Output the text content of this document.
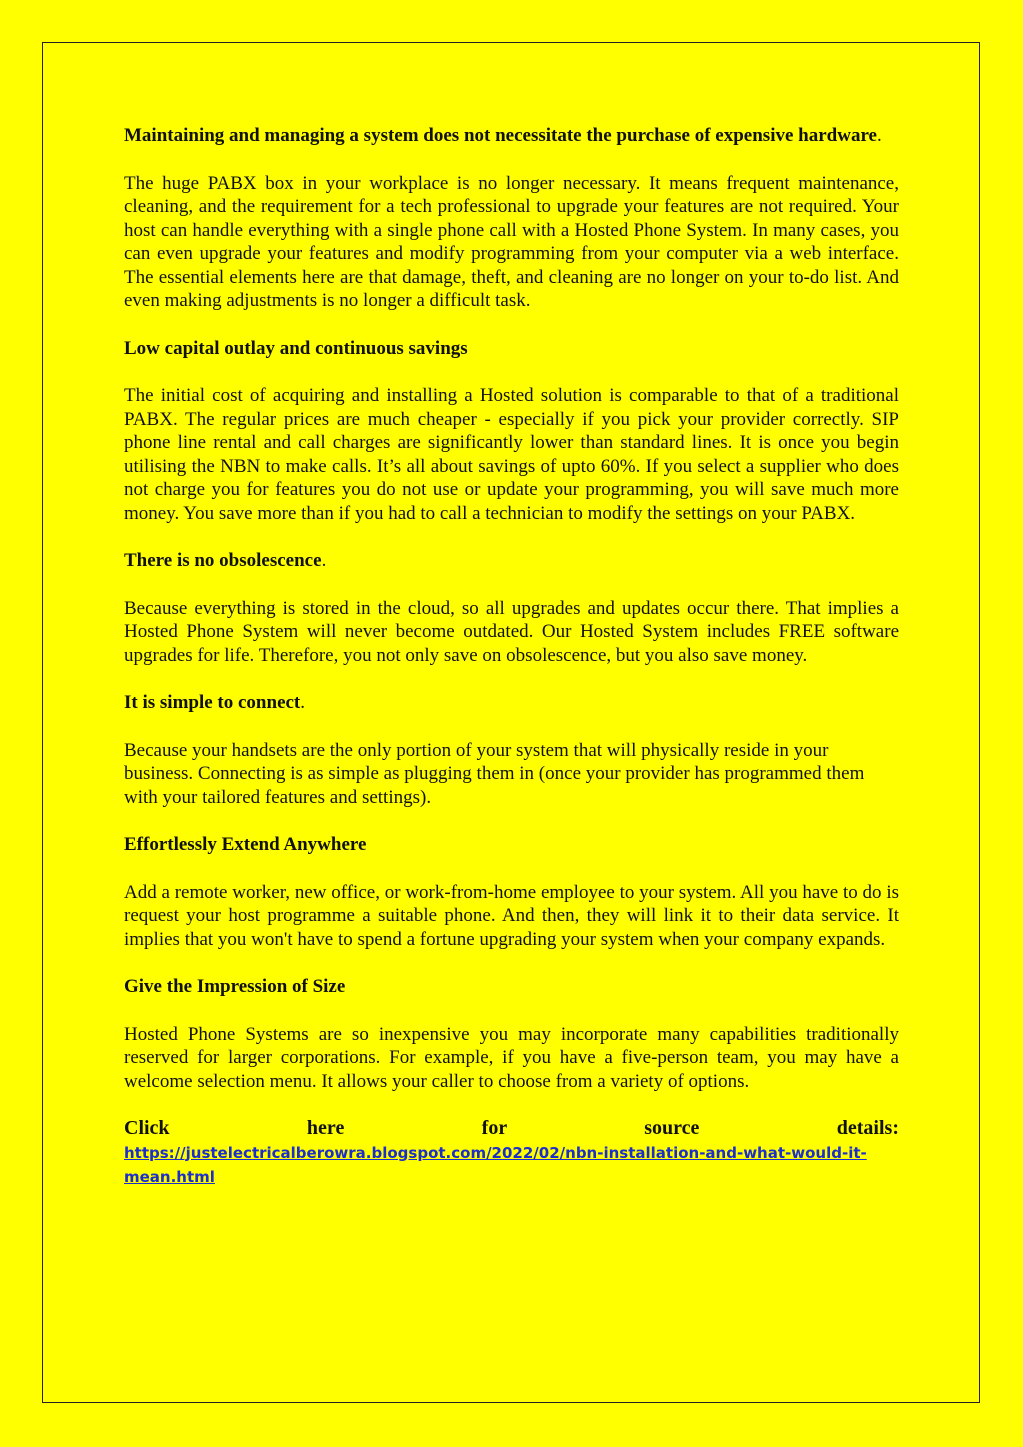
Maintaining and managing a system does not necessitate the purchase of expensive hardware.

The huge PABX box in your workplace is no longer necessary. It means frequent maintenance, cleaning, and the requirement for a tech professional to upgrade your features are not required. Your host can handle everything with a single phone call with a Hosted Phone System. In many cases, you can even upgrade your features and modify programming from your computer via a web interface. The essential elements here are that damage, theft, and cleaning are no longer on your to-do list. And even making adjustments is no longer a difficult task.

Low capital outlay and continuous savings

The initial cost of acquiring and installing a Hosted solution is comparable to that of a traditional PABX. The regular prices are much cheaper - especially if you pick your provider correctly. SIP phone line rental and call charges are significantly lower than standard lines. It is once you begin utilising the NBN to make calls. It’s all about savings of upto 60%. If you select a supplier who does not charge you for features you do not use or update your programming, you will save much more money. You save more than if you had to call a technician to modify the settings on your PABX.

There is no obsolescence.

Because everything is stored in the cloud, so all upgrades and updates occur there. That implies a Hosted Phone System will never become outdated. Our Hosted System includes FREE software upgrades for life. Therefore, you not only save on obsolescence, but you also save money.

It is simple to connect.

Because your handsets are the only portion of your system that will physically reside in your business. Connecting is as simple as plugging them in (once your provider has programmed them with your tailored features and settings).

Effortlessly Extend Anywhere

Add a remote worker, new office, or work-from-home employee to your system. All you have to do is request your host programme a suitable phone. And then, they will link it to their data service. It implies that you won't have to spend a fortune upgrading your system when your company expands.

Give the Impression of Size

Hosted Phone Systems are so inexpensive you may incorporate many capabilities traditionally reserved for larger corporations. For example, if you have a five-person team, you may have a welcome selection menu. It allows your caller to choose from a variety of options.

Click here for source details: https://justelectricalberowra.blogspot.com/2022/02/nbn-installation-and-what-would-it-mean.html
